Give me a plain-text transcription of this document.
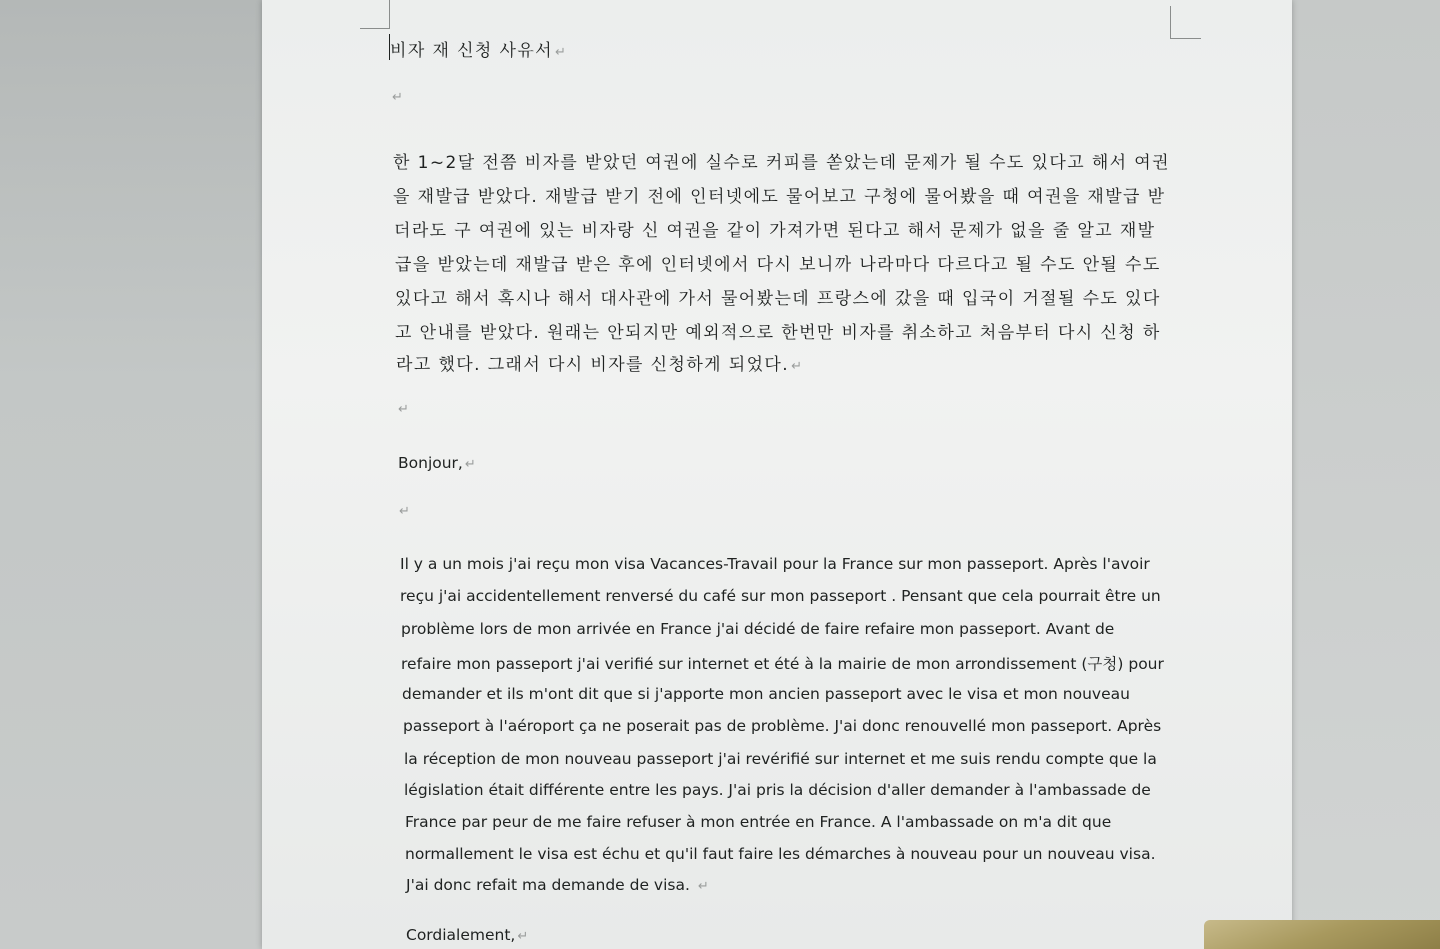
비자 재 신청 사유서 ↵
↵
한 1~2달 전쯤 비자를 받았던 여권에 실수로 커피를 쏟았는데 문제가 될 수도 있다고 해서 여권
을 재발급 받았다. 재발급 받기 전에 인터넷에도 물어보고 구청에 물어봤을 때 여권을 재발급 받
더라도 구 여권에 있는 비자랑 신 여권을 같이 가져가면 된다고 해서 문제가 없을 줄 알고 재발
급을 받았는데 재발급 받은 후에 인터넷에서 다시 보니까 나라마다 다르다고 될 수도 안될 수도
있다고 해서 혹시나 해서 대사관에 가서 물어봤는데 프랑스에 갔을 때 입국이 거절될 수도 있다
고 안내를 받았다. 원래는 안되지만 예외적으로 한번만 비자를 취소하고 처음부터 다시 신청 하
라고 했다. 그래서 다시 비자를 신청하게 되었다. ↵
↵
Bonjour, ↵
↵
Il y a un mois j'ai reçu mon visa Vacances-Travail pour la France sur mon passeport. Après l'avoir
reçu j'ai accidentellement renversé du café sur mon passeport . Pensant que cela pourrait être un
problème lors de mon arrivée en France j'ai décidé de faire refaire mon passeport. Avant de
refaire mon passeport j'ai verifié sur internet et été à la mairie de mon arrondissement (구청) pour
demander et ils m'ont dit que si j'apporte mon ancien passeport avec le visa et mon nouveau
passeport à l'aéroport ça ne poserait pas de problème. J'ai donc renouvellé mon passeport. Après
la réception de mon nouveau passeport j'ai revérifié sur internet et me suis rendu compte que la
législation était différente entre les pays. J'ai pris la décision d'aller demander à l'ambassade de
France par peur de me faire refuser à mon entrée en France. A l'ambassade on m'a dit que
normallement le visa est échu et qu'il faut faire les démarches à nouveau pour un nouveau visa.
J'ai donc refait ma demande de visa. ↵
Cordialement, ↵
